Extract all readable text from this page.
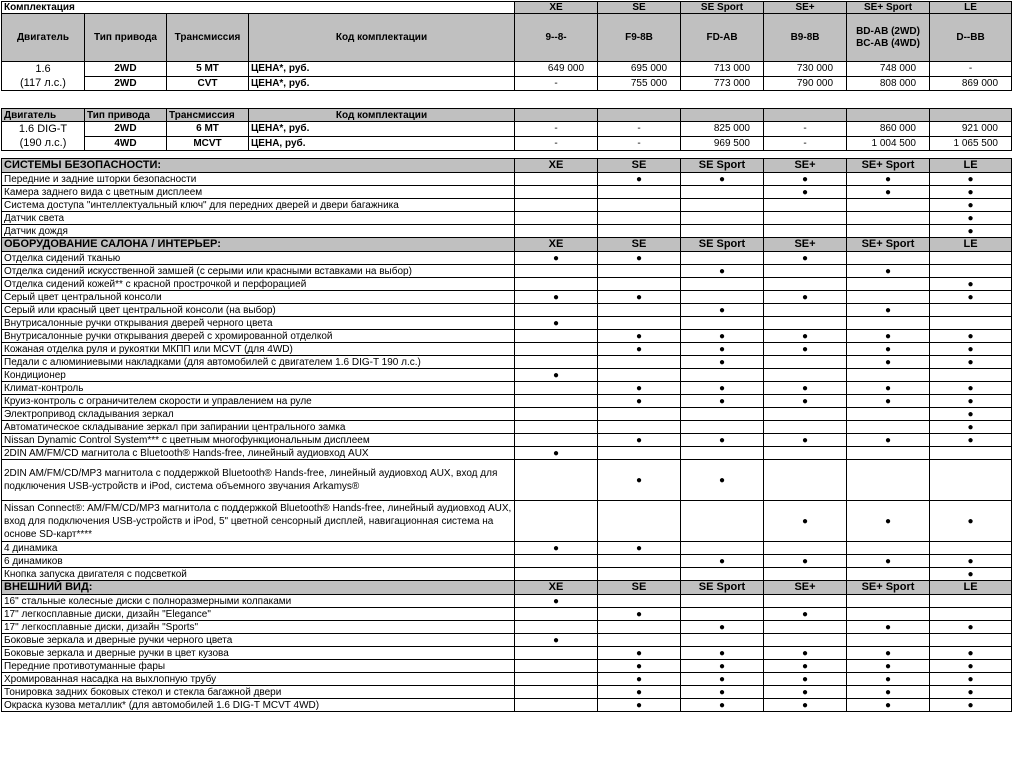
Комплектация				XE	SE	SE Sport	SE+	SE+ Sport	LE
Двигатель	Тип привода	Трансмиссия	Код комплектации	9--8-	F9-8B	FD-AB	B9-8B	BD-AB (2WD)
BC-AB (4WD)	D--BB

1.6
(117 л.с.)	2WD	5 MT	ЦЕНА*, руб.	649 000	695 000	713 000	730 000	748 000	-
	2WD	CVT	ЦЕНА*, руб.	-	755 000	773 000	790 000	808 000	869 000
Двигатель	Тип привода	Трансмиссия	Код комплектации						

1.6 DIG-T
(190 л.с.)	2WD	6 MT	ЦЕНА*, руб.	-	-	825 000	-	860 000	921 000
	4WD	MCVT	ЦЕНА, руб.	-	-	969 500	-	1 004 500	1 065 500
СИСТЕМЫ БЕЗОПАСНОСТИ:	XE	SE	SE Sport	SE+	SE+ Sport	LE
Передние и задние шторки безопасности		●	●	●	●	●
Камера заднего вида с цветным дисплеем				●	●	●
Система доступа "интеллектуальный ключ" для передних дверей и двери багажника						●
Датчик света						●
Датчик дождя						●
ОБОРУДОВАНИЕ САЛОНА / ИНТЕРЬЕР:	XE	SE	SE Sport	SE+	SE+ Sport	LE
Отделка сидений тканью	●	●		●		
Отделка сидений искусственной замшей (с серыми или красными вставками на выбор)			●		●	
Отделка сидений кожей** с красной прострочкой и перфорацией						●
Серый цвет центральной консоли	●	●		●		●
Серый или красный цвет центральной консоли (на выбор)			●		●	
Внутрисалонные ручки открывания дверей черного цвета	●					
Внутрисалонные ручки открывания дверей с хромированной отделкой		●	●	●	●	●
Кожаная отделка руля и рукоятки МКПП или MCVT (для 4WD)		●	●	●	●	●
Педали с алюминиевыми накладками (для автомобилей с двигателем 1.6 DIG-T 190 л.с.)			●		●	●
Кондиционер	●					
Климат-контроль		●	●	●	●	●
Круиз-контроль с ограничителем скорости и управлением на руле		●	●	●	●	●
Электропривод складывания зеркал						●
Автоматическое складывание зеркал при запирании центрального замка						●
Nissan Dynamic Control System*** с цветным многофункциональным дисплеем		●	●	●	●	●
2DIN AM/FM/CD магнитола с Bluetooth® Hands-free, линейный аудиовход AUX	●					
2DIN AM/FM/CD/MP3 магнитола с поддержкой Bluetooth® Hands-free, линейный аудиовход AUX, вход для подключения USB-устройств и iPod, система объемного звучания Arkamys®		●	●			
Nissan Connect®: AM/FM/CD/MP3 магнитола с поддержкой Bluetooth® Hands-free, линейный аудиовход AUX, вход для подключения USB-устройств и iPod, 5" цветной сенсорный дисплей, навигационная система на основе SD-карт****				●	●	●
4 динамика	●	●				
6 динамиков			●	●	●	●
Кнопка запуска двигателя с подсветкой						●
ВНЕШНИЙ ВИД:	XE	SE	SE Sport	SE+	SE+ Sport	LE
16" стальные колесные диски с полноразмерными колпаками	●					
17" легкосплавные диски, дизайн "Elegance"		●		●		
17" легкосплавные диски, дизайн "Sports"			●		●	●
Боковые зеркала и дверные ручки черного цвета	●					
Боковые зеркала и дверные ручки в цвет кузова		●	●	●	●	●
Передние противотуманные фары		●	●	●	●	●
Хромированная насадка на выхлопную трубу		●	●	●	●	●
Тонировка задних боковых стекол и стекла багажной двери		●	●	●	●	●
Окраска кузова металлик* (для автомобилей 1.6 DIG-T MCVT 4WD)		●	●	●	●	●
